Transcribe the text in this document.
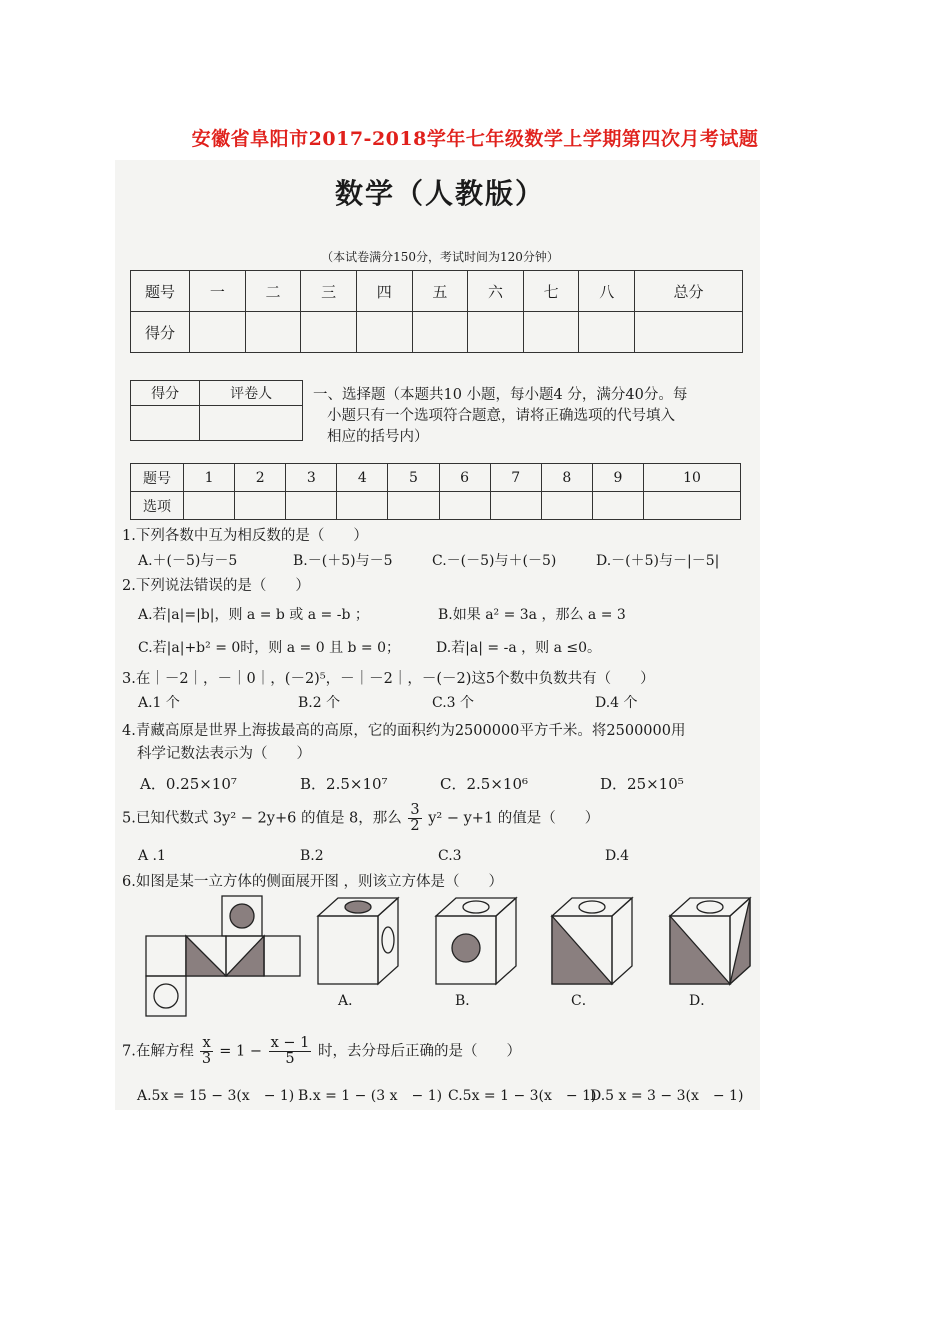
安徽省阜阳市2017-2018学年七年级数学上学期第四次月考试题
数学（人教版）
（本试卷满分150分，考试时间为120分钟）
题号	一	二	三	四	五	六	七	八	总分
得分									
得分	评卷人
		一、选择题（本题共10 小题，每小题4 分，满分40分。每
小题只有一个选项符合题意，请将正确选项的代号填入
相应的括号内）
题号	1	2	3	4	5	6	7	8	9	10
选项										
1.下列各数中互为相反数的是（　　）
A.＋(－5)与－5	B.－(＋5)与－5	C.－(－5)与＋(－5)	D.－(＋5)与－|－5|
2.下列说法错误的是（　　）
A.若|a|=|b|，则 a = b 或 a = -b ；	B.如果 a² = 3a ，那么 a = 3
C.若|a|+b² = 0时，则 a = 0 且 b = 0；	D.若|a| = -a ，则 a ≤0。
3.在｜－2｜，－｜0｜，(－2)⁵，－｜－2｜，－(－2)这5个数中负数共有（　　）
A.1 个	B.2 个	C.3 个	D.4 个
4.青藏高原是世界上海拔最高的高原，它的面积约为2500000平方千米。将2500000用
科学记数法表示为（　　）
A．0.25×10⁷	B．2.5×10⁷	C．2.5×10⁶	D．25×10⁵
5.已知代数式 3y² − 2y+6 的值是 8，那么 $\frac{3}{2} y^2 - y+1$ 的值是（　　）
A .1	B.2	C.3	D.4
6.如图是某一立方体的侧面展开图 ，则该立方体是（　　）
A．	B．	C．	D．
7.在解方程 $\frac{x}{3} = 1 - \frac{x - 1}{5}$ 时，去分母后正确的是（　　）
A.5x = 15 − 3(x　− 1) B.x = 1 − (3 x　− 1) C.5x = 1 − 3(x　− 1)
D.5 x = 3 − 3(x　− 1)
